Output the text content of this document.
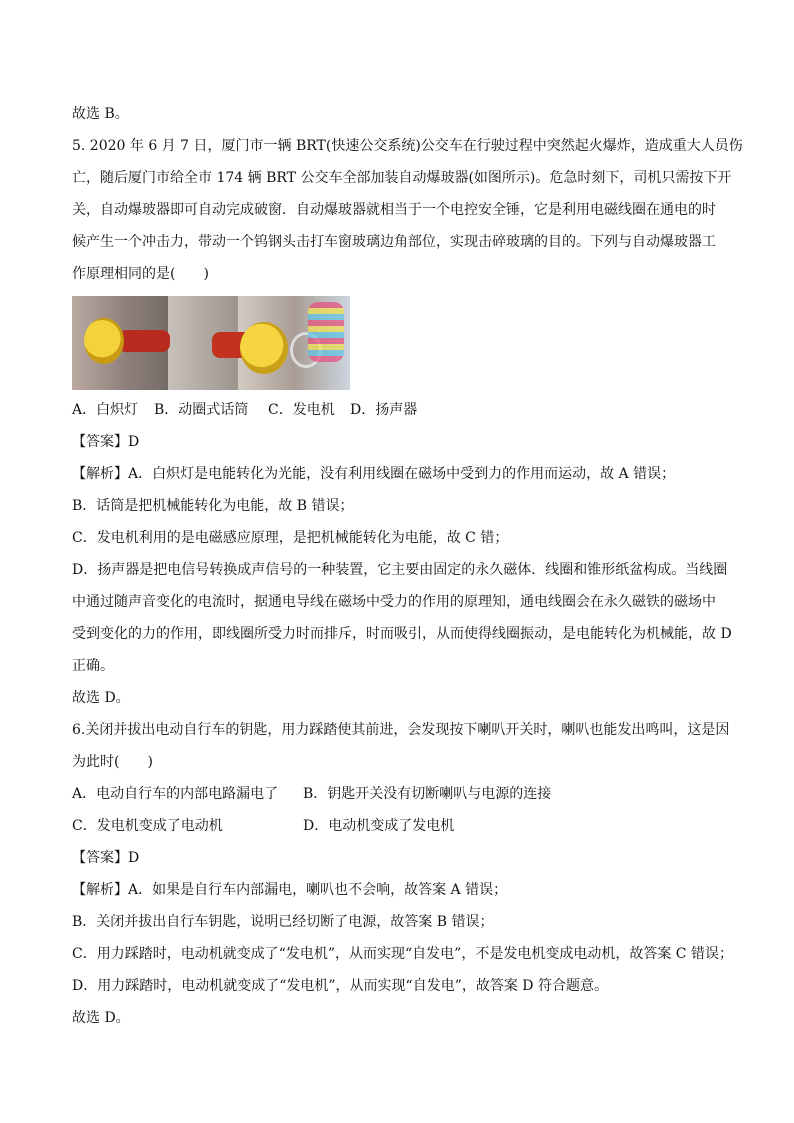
故选 B。
5. 2020 年 6 月 7 日，厦门市一辆 BRT(快速公交系统)公交车在行驶过程中突然起火爆炸，造成重大人员伤
亡，随后厦门市给全市 174 辆 BRT 公交车全部加装自动爆玻器(如图所示)。危急时刻下，司机只需按下开
关，自动爆玻器即可自动完成破窗．自动爆玻器就相当于一个电控安全锤，它是利用电磁线圈在通电的时
候产生一个冲击力，带动一个钨钢头击打车窗玻璃边角部位，实现击碎玻璃的目的。下列与自动爆玻器工
作原理相同的是(　　)
A．白炽灯 B．动圈式话筒 C．发电机 D．扬声器
【答案】D
【解析】A．白炽灯是电能转化为光能，没有利用线圈在磁场中受到力的作用而运动，故 A 错误；
B．话筒是把机械能转化为电能，故 B 错误；
C．发电机利用的是电磁感应原理，是把机械能转化为电能，故 C 错；
D．扬声器是把电信号转换成声信号的一种装置，它主要由固定的永久磁体．线圈和锥形纸盆构成。当线圈
中通过随声音变化的电流时，据通电导线在磁场中受力的作用的原理知，通电线圈会在永久磁铁的磁场中
受到变化的力的作用，即线圈所受力时而排斥，时而吸引，从而使得线圈振动，是电能转化为机械能，故 D
正确。
故选 D。
6.关闭并拔出电动自行车的钥匙，用力踩踏使其前进，会发现按下喇叭开关时，喇叭也能发出鸣叫，这是因
为此时(　　)
A．电动自行车的内部电路漏电了 B．钥匙开关没有切断喇叭与电源的连接
C．发电机变成了电动机	D．电动机变成了发电机
【答案】D
【解析】A．如果是自行车内部漏电，喇叭也不会响，故答案 A 错误；
B．关闭并拔出自行车钥匙，说明已经切断了电源，故答案 B 错误；
C．用力踩踏时，电动机就变成了“发电机”，从而实现“自发电”，不是发电机变成电动机，故答案 C 错误；
D．用力踩踏时，电动机就变成了“发电机”，从而实现“自发电”，故答案 D 符合题意。
故选 D。
